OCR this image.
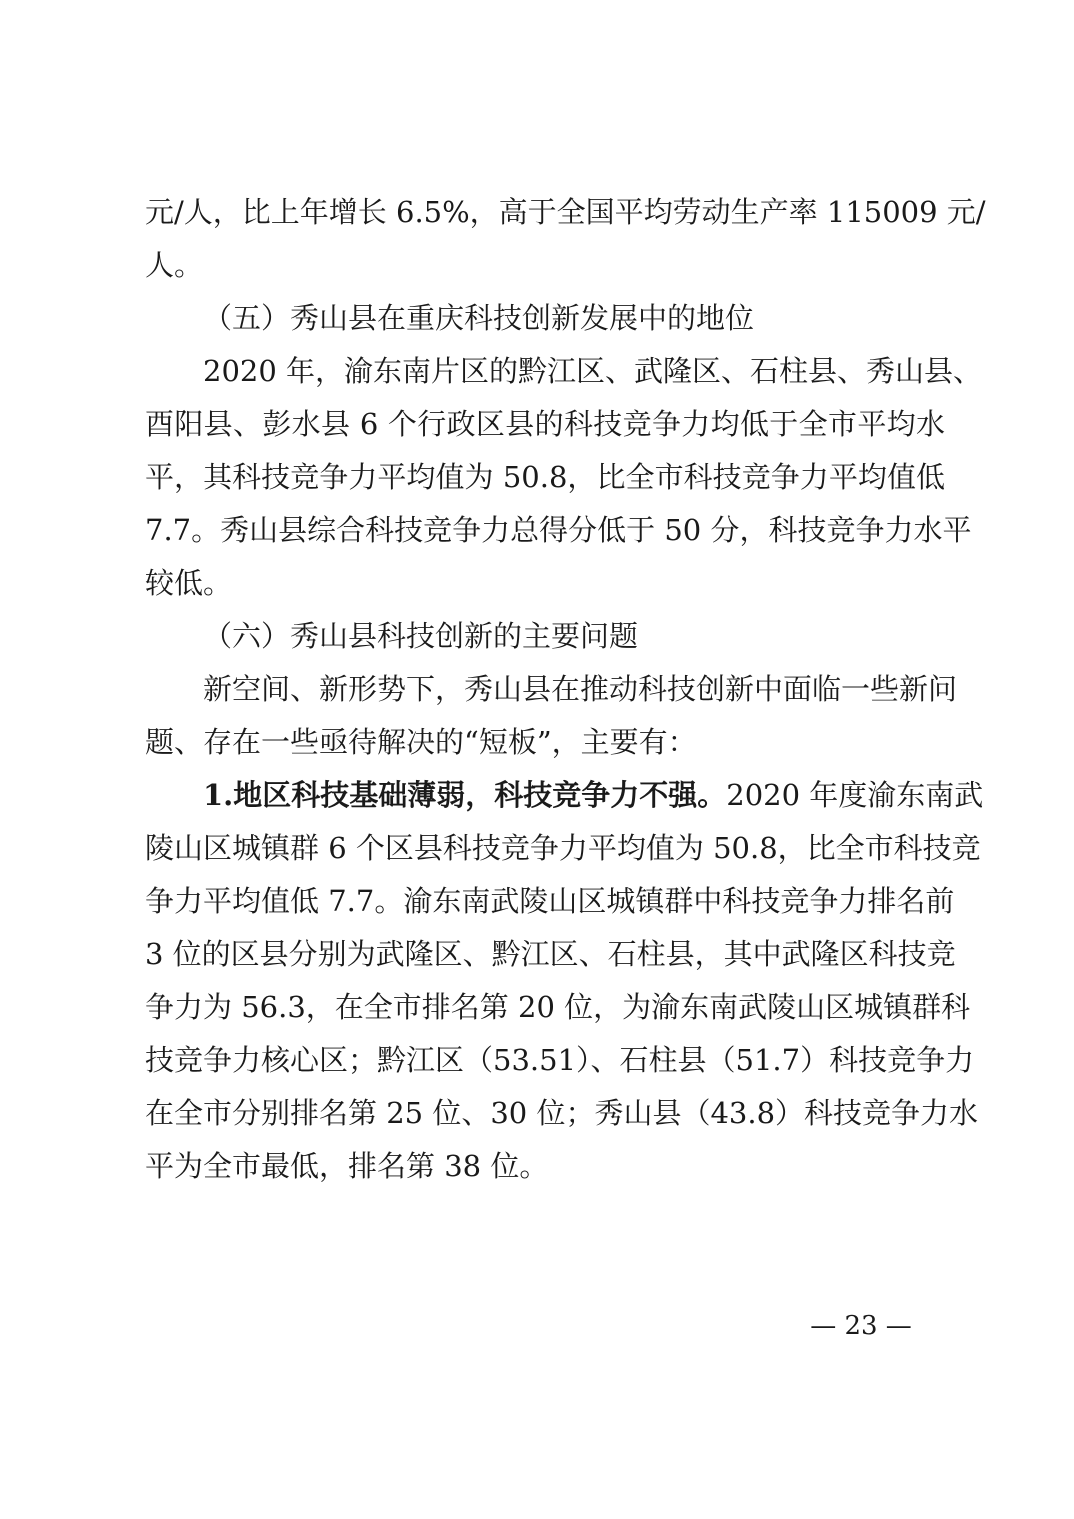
元/人，比上年增长 6.5%，高于全国平均劳动生产率 115009 元/
人。
（五）秀山县在重庆科技创新发展中的地位
2020 年，渝东南片区的黔江区、武隆区、石柱县、秀山县、
酉阳县、彭水县 6 个行政区县的科技竞争力均低于全市平均水
平，其科技竞争力平均值为 50.8，比全市科技竞争力平均值低
7.7。秀山县综合科技竞争力总得分低于 50 分，科技竞争力水平
较低。
（六）秀山县科技创新的主要问题
新空间、新形势下，秀山县在推动科技创新中面临一些新问
题、存在一些亟待解决的“短板”，主要有：
1.地区科技基础薄弱，科技竞争力不强。2020 年度渝东南武
陵山区城镇群 6 个区县科技竞争力平均值为 50.8，比全市科技竞
争力平均值低 7.7。渝东南武陵山区城镇群中科技竞争力排名前
3 位的区县分别为武隆区、黔江区、石柱县，其中武隆区科技竞
争力为 56.3，在全市排名第 20 位，为渝东南武陵山区城镇群科
技竞争力核心区；黔江区（53.51）、石柱县（51.7）科技竞争力
在全市分别排名第 25 位、30 位；秀山县（43.8）科技竞争力水
平为全市最低，排名第 38 位。
— 23 —
